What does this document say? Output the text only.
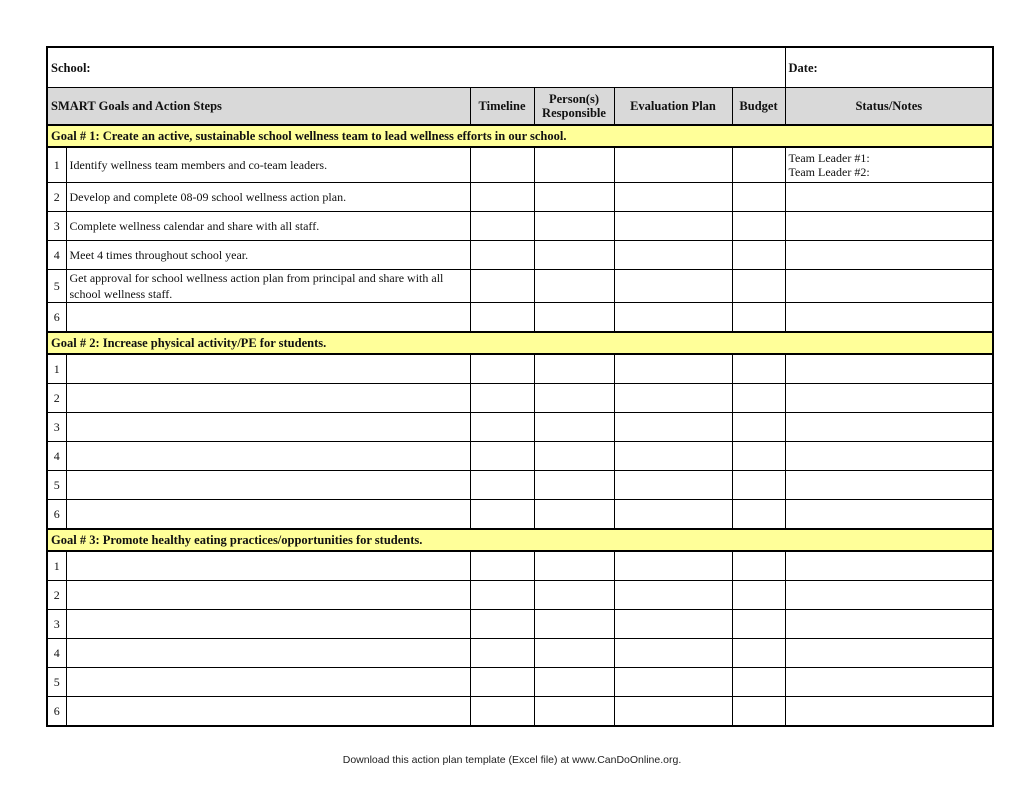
School:						Date:
SMART Goals and Action Steps		Timeline	Person(s)
Responsible	Evaluation Plan	Budget	Status/Notes
Goal # 1: Create an active, sustainable school wellness team to lead wellness efforts in our school.						
1	Identify wellness team members and co-team leaders.					Team Leader #1:
Team Leader #2:
2	Develop and complete 08-09 school wellness action plan.					
3	Complete wellness calendar and share with all staff.					
4	Meet 4 times throughout school year.					
5	Get approval for school wellness action plan from principal and share with all school wellness staff.					

6						
Goal # 2: Increase physical activity/PE for students.						
1						
2						
3						
4						
5						
6						
Goal # 3: Promote healthy eating practices/opportunities for students.						
1						
2						
3						
4						
5						
6						
Download this action plan template (Excel file) at www.CanDoOnline.org.
